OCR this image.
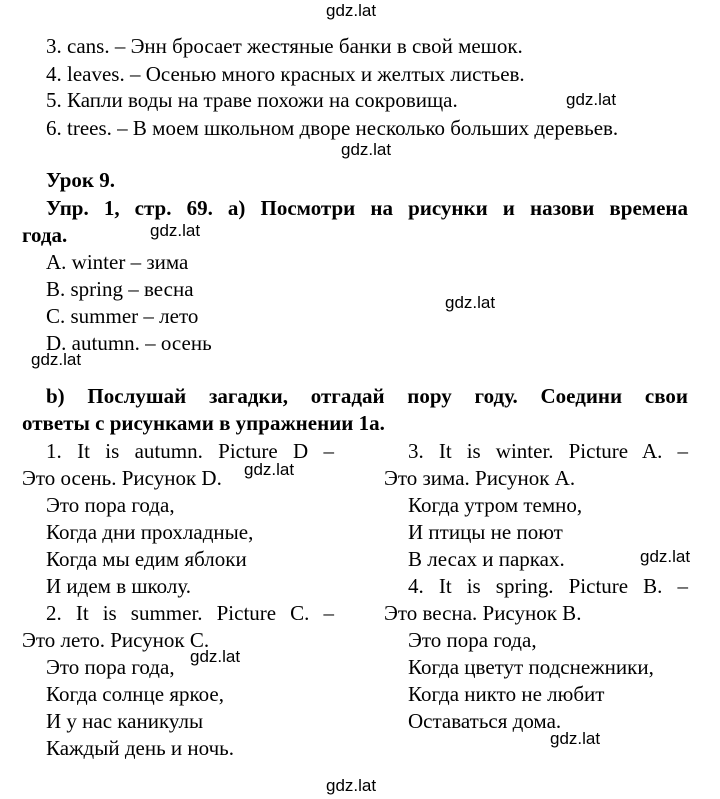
gdz.lat
gdz.lat
gdz.lat
gdz.lat
gdz.lat
gdz.lat
gdz.lat
gdz.lat
gdz.lat
gdz.lat
gdz.lat
3. cans. – Энн бросает жестяные банки в свой мешок.
4. leaves. – Осенью много красных и желтых листьев.
5. Капли воды на траве похожи на сокровища.
6. trees. – В моем школьном дворе несколько больших деревьев.
Урок 9.
Упр. 1, стр. 69. a) Посмотри на рисунки и назови времена
года.
A. winter – зима
B. spring – весна
C. summer – лето
D. autumn. – осень
b) Послушай загадки, отгадай пору году. Соедини свои
ответы с рисунками в упражнении 1a.
1. It is autumn. Picture D –
Это осень. Рисунок D.
Это пора года,
Когда дни прохладные,
Когда мы едим яблоки
И идем в школу.
2. It is summer. Picture C. –
Это лето. Рисунок C.
Это пора года,
Когда солнце яркое,
И у нас каникулы
Каждый день и ночь.
3. It is winter. Picture A. –
Это зима. Рисунок A.
Когда утром темно,
И птицы не поют
В лесах и парках.
4. It is spring. Picture B. –
Это весна. Рисунок B.
Это пора года,
Когда цветут подснежники,
Когда никто не любит
Оставаться дома.
